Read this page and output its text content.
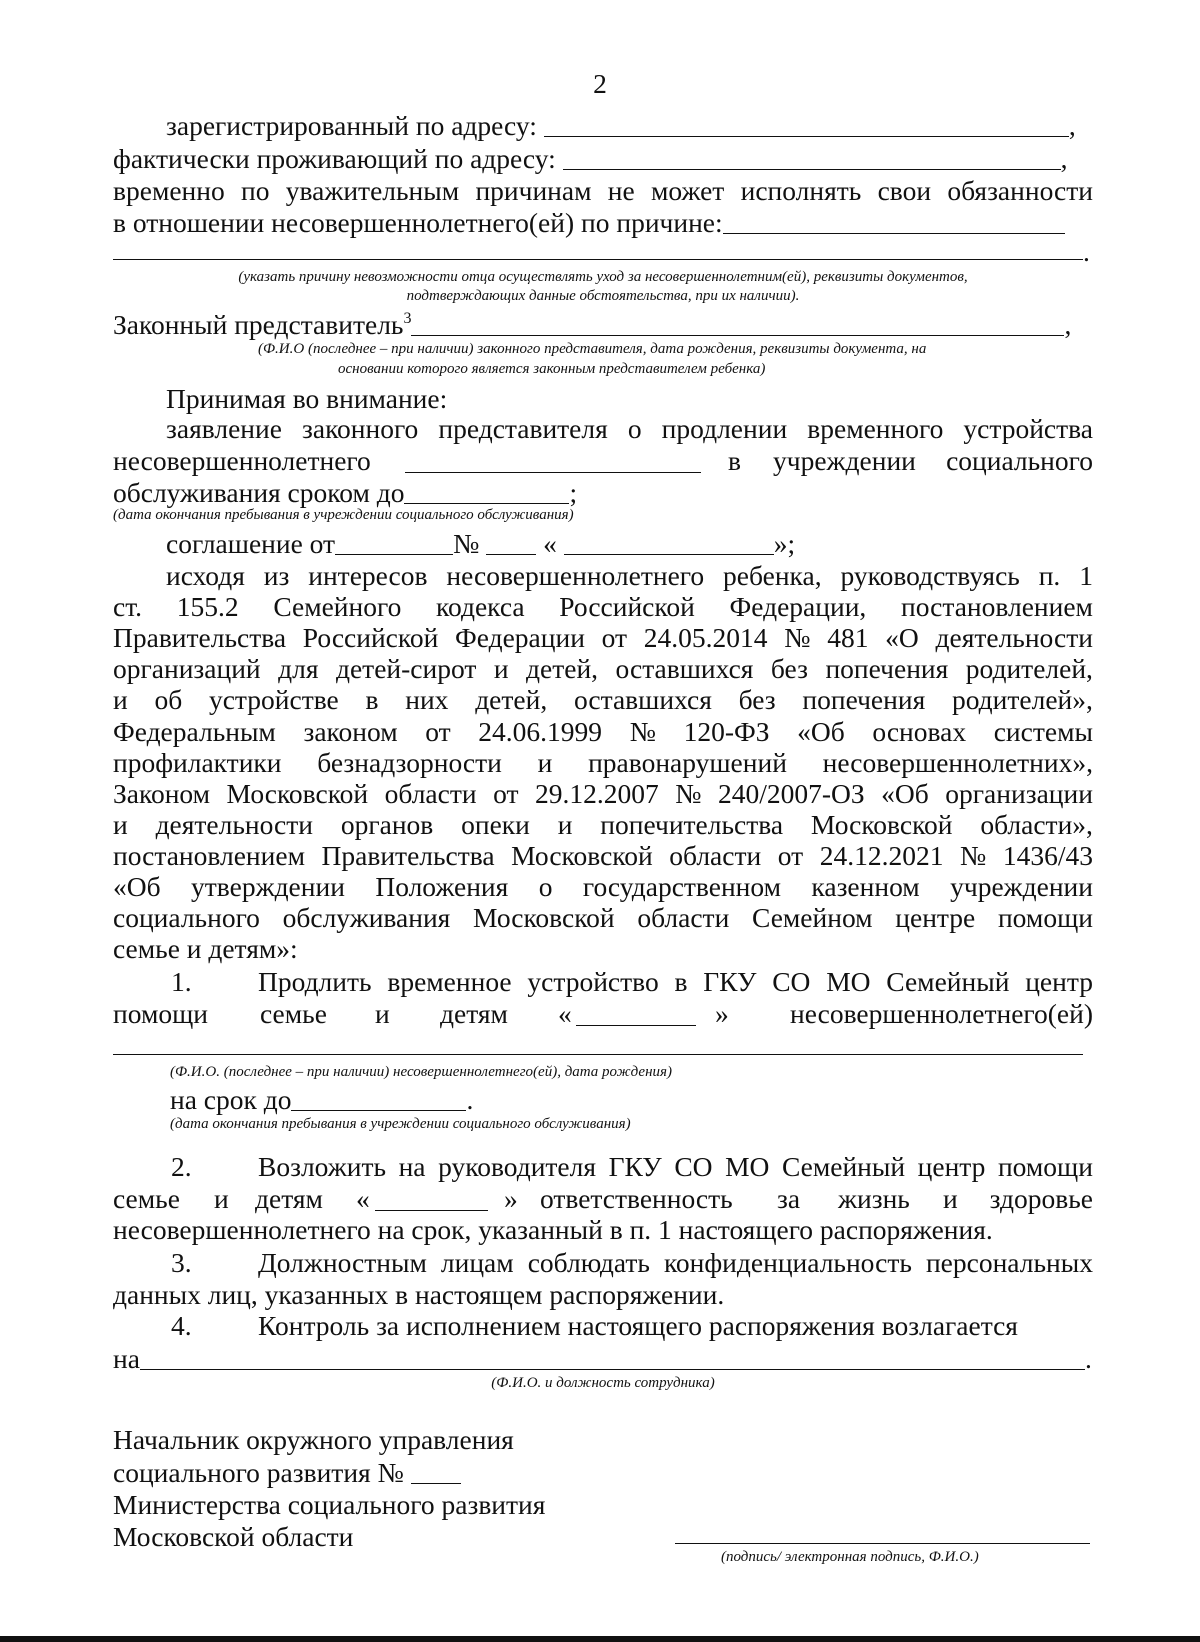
2
зарегистрированный по адресу:	,
фактически проживающий по адресу:	,
временно по уважительным причинам не может исполнять свои обязанности
в отношении несовершеннолетнего(ей) по причине:
.
(указать причину невозможности отца осуществлять уход за несовершеннолетним(ей), реквизиты документов,
подтверждающих данные обстоятельства, при их наличии).
Законный представитель$^3$	,
(Ф.И.О (последнее – при наличии) законного представителя, дата рождения, реквизиты документа, на
основании которого является законным представителем ребенка)
Принимая во внимание:
заявление законного представителя о продлении временного устройства
несовершеннолетнего	в учреждении социального
обслуживания сроком до	;
(дата окончания пребывания в учреждении социального обслуживания)
соглашение от	№ «	»;
исходя из интересов несовершеннолетнего ребенка, руководствуясь п. 1
ст. 155.2 Семейного кодекса Российской Федерации, постановлением
Правительства Российской Федерации от 24.05.2014 № 481 «О деятельности
организаций для детей-сирот и детей, оставшихся без попечения родителей,
и об устройстве в них детей, оставшихся без попечения родителей»,
Федеральным законом от 24.06.1999 № 120-ФЗ «Об основах системы
профилактики безнадзорности и правонарушений несовершеннолетних»,
Законом Московской области от 29.12.2007 № 240/2007-ОЗ «Об организации
и деятельности органов опеки и попечительства Московской области»,
постановлением Правительства Московской области от 24.12.2021 № 1436/43
«Об утверждении Положения о государственном казенном учреждении
социального обслуживания Московской области Семейном центре помощи
семье и детям»:
1. Продлить временное устройство в ГКУ СО МО Семейный центр
помощи семье и детям «	» несовершеннолетнего(ей)
(Ф.И.О. (последнее – при наличии) несовершеннолетнего(ей), дата рождения)
на срок до	.
(дата окончания пребывания в учреждении социального обслуживания)
2. Возложить на руководителя ГКУ СО МО Семейный центр помощи
семье и детям «	» ответственность за жизнь и здоровье
несовершеннолетнего на срок, указанный в п. 1 настоящего распоряжения.
3. Должностным лицам соблюдать конфиденциальность персональных
данных лиц, указанных в настоящем распоряжении.
4. Контроль за исполнением настоящего распоряжения возлагается
на	.
(Ф.И.О. и должность сотрудника)
Начальник окружного управления
социального развития №
Министерства социального развития
Московской области
(подпись/ электронная подпись, Ф.И.О.)
